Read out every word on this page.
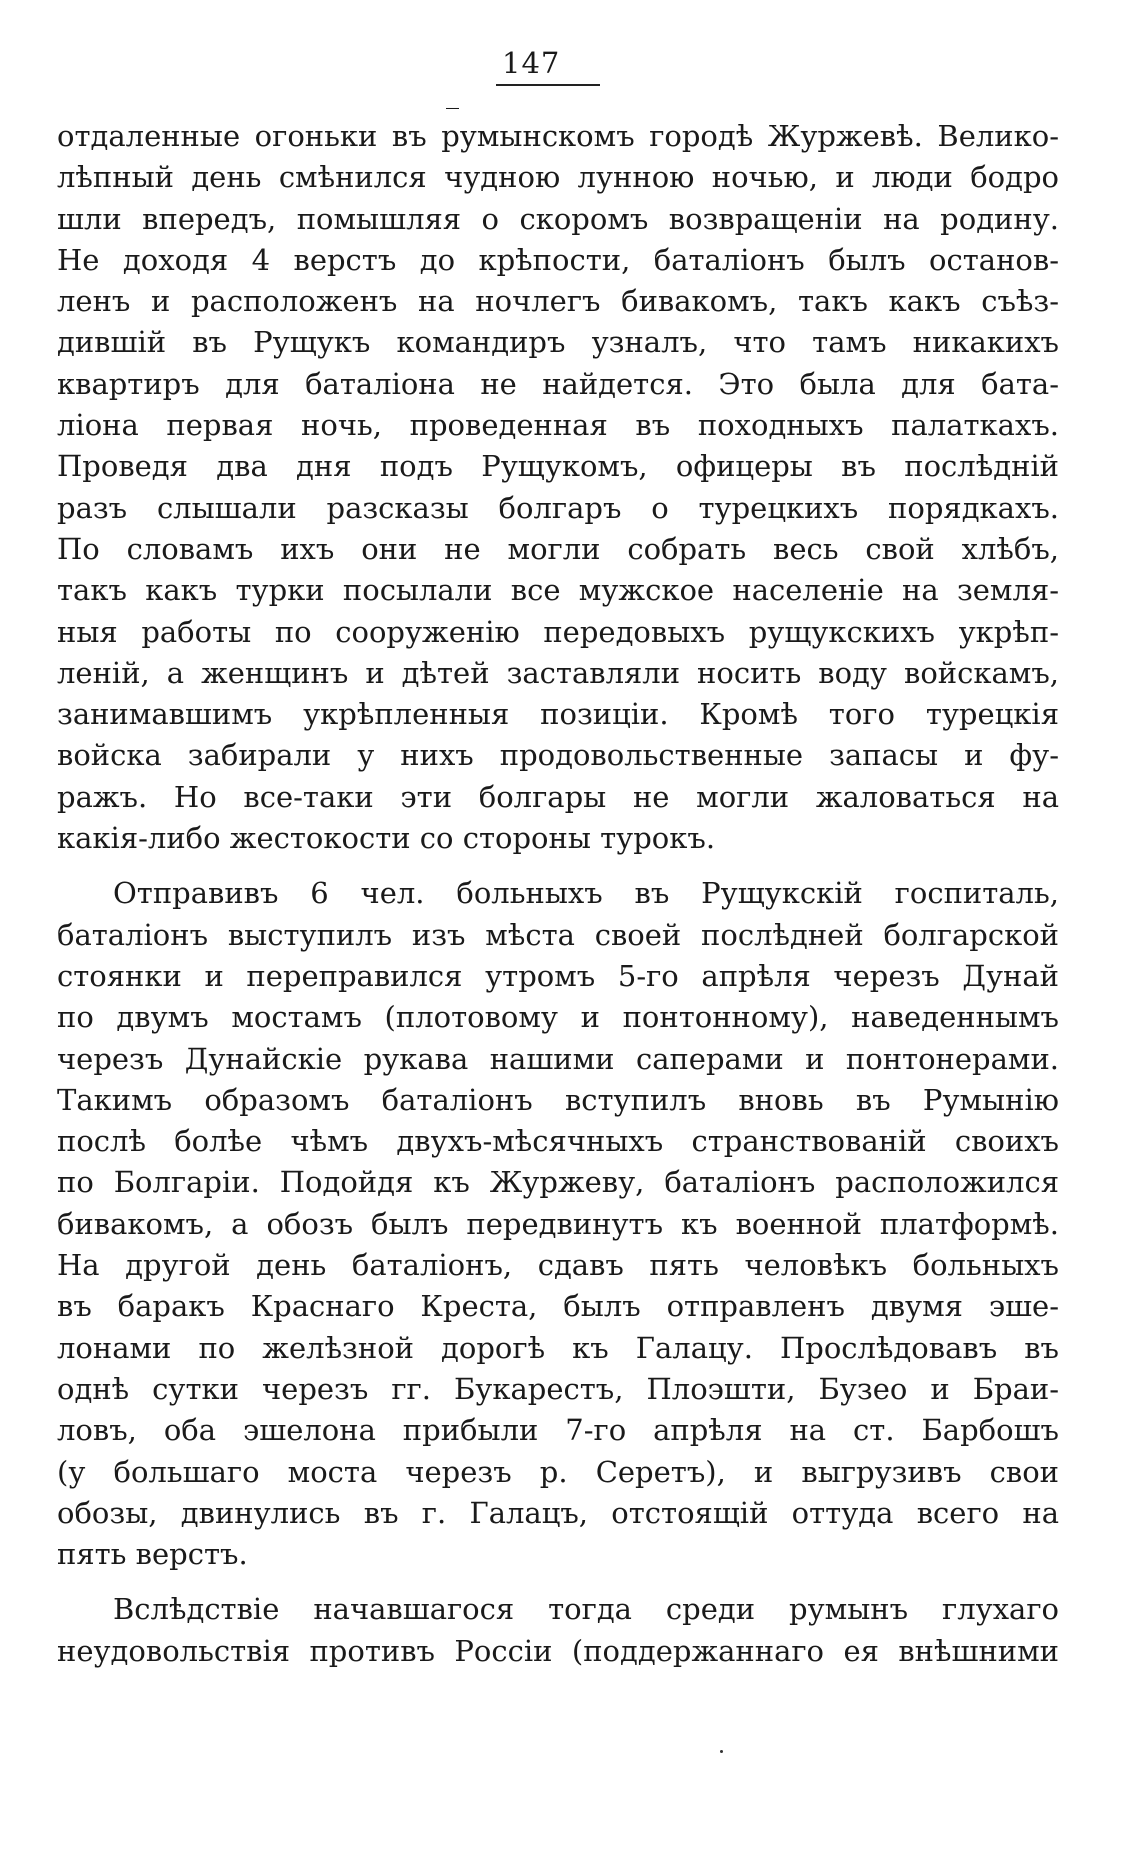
_
147
отдаленные огоньки въ румынскомъ городѣ Журжевѣ. Велико-
лѣпный день смѣнился чудною лунною ночью, и люди бодро
шли впередъ, помышляя о скоромъ возвращеніи на родину.
Не доходя 4 верстъ до крѣпости, баталіонъ былъ останов-
ленъ и расположенъ на ночлегъ бивакомъ, такъ какъ съѣз-
дившій въ Рущукъ командиръ узналъ, что тамъ никакихъ
квартиръ для баталіона не найдется. Это была для бата-
ліона первая ночь, проведенная въ походныхъ палаткахъ.
Проведя два дня подъ Рущукомъ, офицеры въ послѣдній
разъ слышали разсказы болгаръ о турецкихъ порядкахъ.
По словамъ ихъ они не могли собрать весь свой хлѣбъ,
такъ какъ турки посылали все мужское населеніе на земля-
ныя работы по сооруженію передовыхъ рущукскихъ укрѣп-
леній, а женщинъ и дѣтей заставляли носить воду войскамъ,
занимавшимъ укрѣпленныя позиціи. Кромѣ того турецкія
войска забирали у нихъ продовольственные запасы и фу-
ражъ. Но все-таки эти болгары не могли жаловаться на
какія-либо жестокости со стороны турокъ.
Отправивъ 6 чел. больныхъ въ Рущукскій госпиталь,
баталіонъ выступилъ изъ мѣста своей послѣдней болгарской
стоянки и переправился утромъ 5-го апрѣля черезъ Дунай
по двумъ мостамъ (плотовому и понтонному), наведеннымъ
черезъ Дунайскіе рукава нашими саперами и понтонерами.
Такимъ образомъ баталіонъ вступилъ вновь въ Румынію
послѣ болѣе чѣмъ двухъ-мѣсячныхъ странствованій своихъ
по Болгаріи. Подойдя къ Журжеву, баталіонъ расположился
бивакомъ, а обозъ былъ передвинутъ къ военной платформѣ.
На другой день баталіонъ, сдавъ пять человѣкъ больныхъ
въ баракъ Краснаго Креста, былъ отправленъ двумя эше-
лонами по желѣзной дорогѣ къ Галацу. Прослѣдовавъ въ
однѣ сутки черезъ гг. Букарестъ, Плоэшти, Бузео и Браи-
ловъ, оба эшелона прибыли 7-го апрѣля на ст. Барбошъ
(у большаго моста черезъ р. Серетъ), и выгрузивъ свои
обозы, двинулись въ г. Галацъ, отстоящій оттуда всего на
пять верстъ.
Вслѣдствіе начавшагося тогда среди румынъ глухаго
неудовольствія противъ Россіи (поддержаннаго ея внѣшними
